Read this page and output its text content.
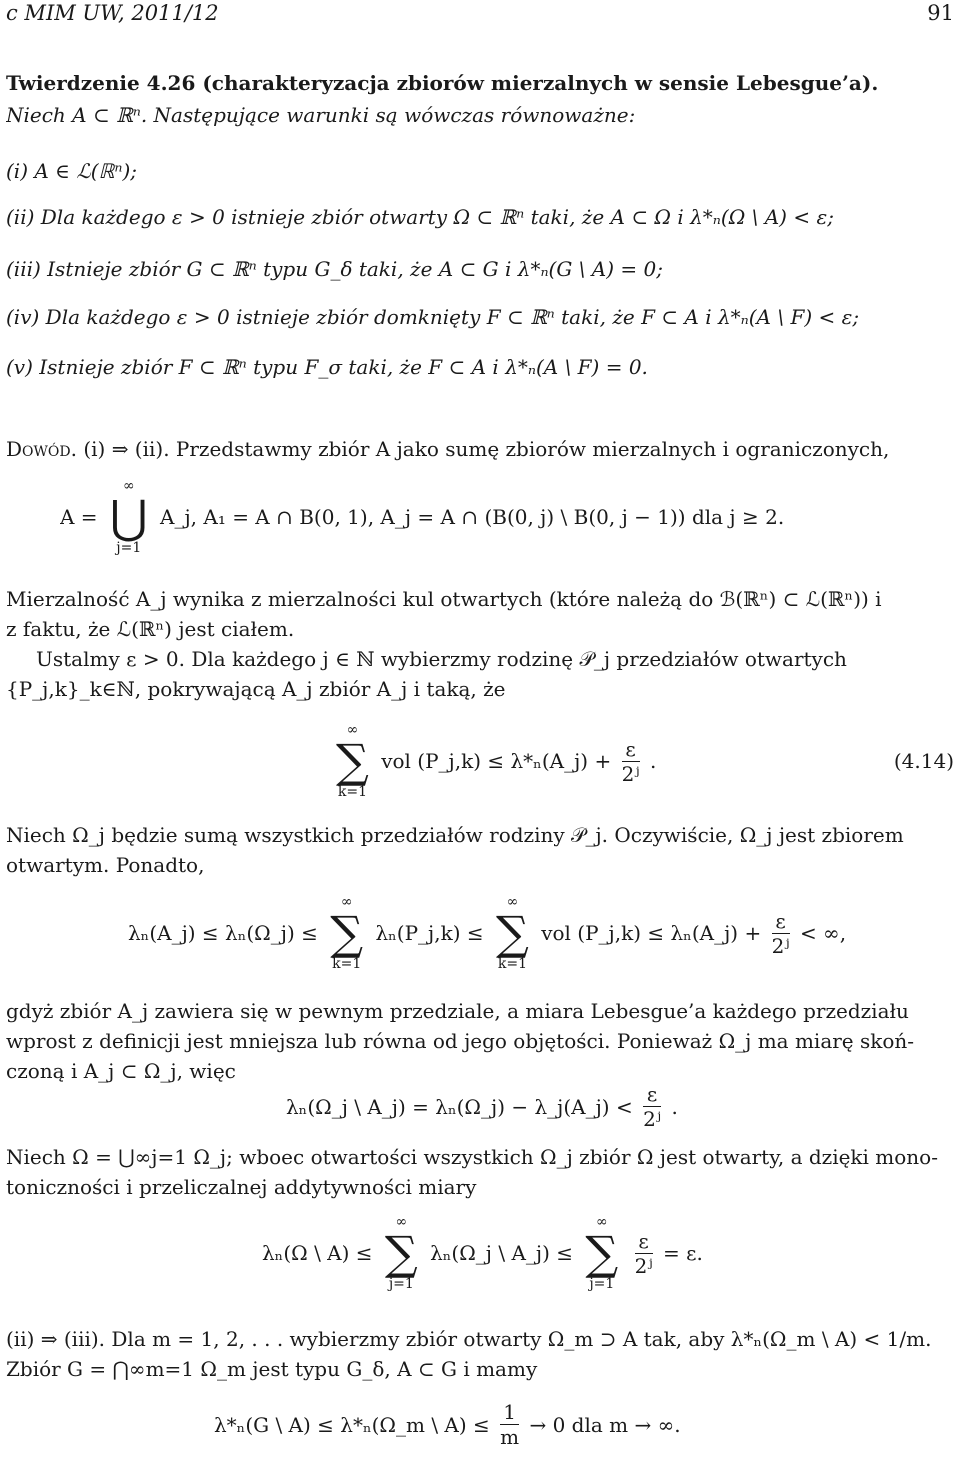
c MIM UW, 2011/12	91
Twierdzenie 4.26 (charakteryzacja zbiorów mierzalnych w sensie Lebesgue’a).
Niech A ⊂ ℝⁿ. Następujące warunki są wówczas równoważne:
(i) A ∈ ℒ(ℝⁿ);
(ii) Dla każdego ε > 0 istnieje zbiór otwarty Ω ⊂ ℝⁿ taki, że A ⊂ Ω i λ*ₙ(Ω \ A) < ε;
(iii) Istnieje zbiór G ⊂ ℝⁿ typu G_δ taki, że A ⊂ G i λ*ₙ(G \ A) = 0;
(iv) Dla każdego ε > 0 istnieje zbiór domknięty F ⊂ ℝⁿ taki, że F ⊂ A i λ*ₙ(A \ F) < ε;
(v) Istnieje zbiór F ⊂ ℝⁿ typu F_σ taki, że F ⊂ A i λ*ₙ(A \ F) = 0.
Dowód. (i) ⇒ (ii). Przedstawmy zbiór A jako sumę zbiorów mierzalnych i ograniczonych,
A =
∞
⋃
j=1
A_j, A₁ = A ∩ B(0, 1), A_j = A ∩ (B(0, j) \ B(0, j − 1)) dla j ≥ 2.
Mierzalność A_j wynika z mierzalności kul otwartych (które należą do ℬ(ℝⁿ) ⊂ ℒ(ℝⁿ)) i
z faktu, że ℒ(ℝⁿ) jest ciałem.
Ustalmy ε > 0. Dla każdego j ∈ ℕ wybierzmy rodzinę 𝒫_j przedziałów otwartych
{P_j,k}_k∈ℕ, pokrywającą A_j zbiór A_j i taką, że
∞
∑
k=1
vol (P_j,k) ≤ λ*ₙ(A_j) + $\frac{\varepsilon}{\text{2ʲ}}$ .	(4.14)
Niech Ω_j będzie sumą wszystkich przedziałów rodziny 𝒫_j. Oczywiście, Ω_j jest zbiorem
otwartym. Ponadto,
λₙ(A_j) ≤ λₙ(Ω_j) ≤
∞
∑
k=1
λₙ(P_j,k) ≤
∞
∑
k=1
vol (P_j,k) ≤ λₙ(A_j) + $\frac{\varepsilon}{\text{2ʲ}}$ < ∞,
gdyż zbiór A_j zawiera się w pewnym przedziale, a miara Lebesgue’a każdego przedziału
wprost z definicji jest mniejsza lub równa od jego objętości. Ponieważ Ω_j ma miarę skoń-
czoną i A_j ⊂ Ω_j, więc
λₙ(Ω_j \ A_j) = λₙ(Ω_j) − λ_j(A_j) < $\frac{\varepsilon}{\text{2ʲ}}$ .
Niech Ω = ⋃∞j=1 Ω_j; wboec otwartości wszystkich Ω_j zbiór Ω jest otwarty, a dzięki mono-
toniczności i przeliczalnej addytywności miary
λₙ(Ω \ A) ≤
∞
∑
j=1
λₙ(Ω_j \ A_j) ≤
∞
∑
j=1

$\frac{\varepsilon}{\text{2ʲ}} = \varepsilon$.
(ii) ⇒ (iii). Dla m = 1, 2, . . . wybierzmy zbiór otwarty Ω_m ⊃ A tak, aby λ*ₙ(Ω_m \ A) < 1/m.
Zbiór G = ⋂∞m=1 Ω_m jest typu G_δ, A ⊂ G i mamy
λ*ₙ(G \ A) ≤ λ*ₙ(Ω_m \ $A) \le \frac{1}{m} \to 0$ dla m → ∞.
